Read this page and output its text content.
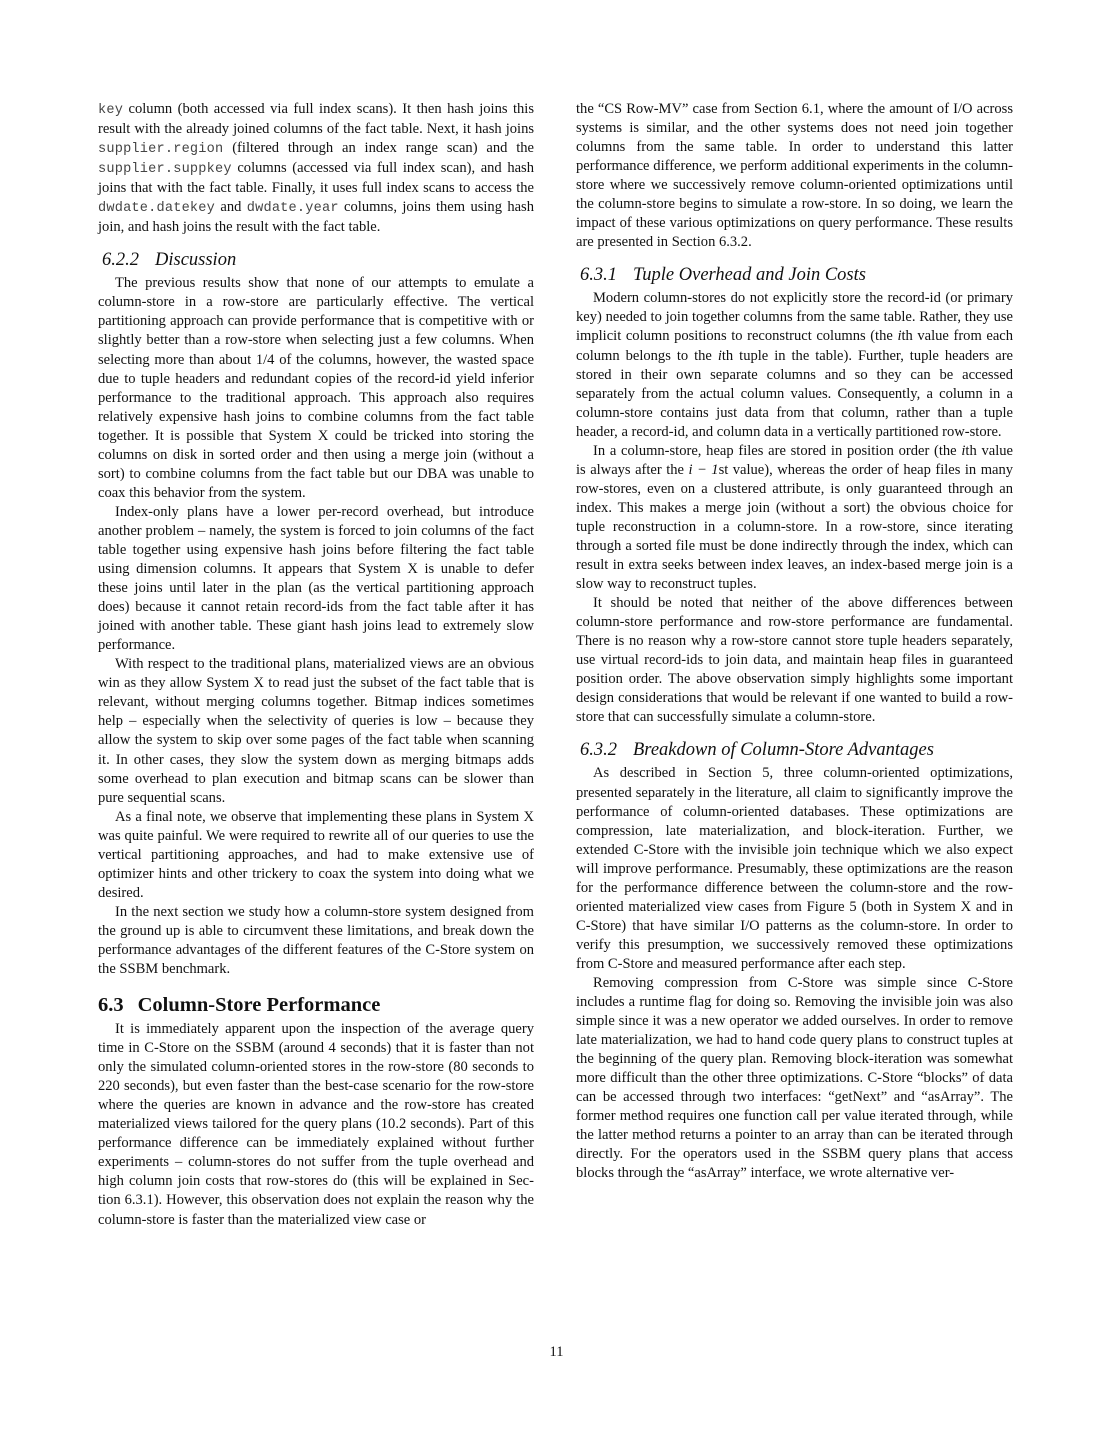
key column (both accessed via full index scans). It then hash joins this result with the already joined columns of the fact table. Next, it hash joins supplier.region (filtered through an index range scan) and the supplier.suppkey columns (accessed via full index scan), and hash joins that with the fact table. Finally, it uses full index scans to access the dwdate.datekey and dwdate.year columns, joins them using hash join, and hash joins the result with the fact table.

6.2.2 Discussion

The previous results show that none of our attempts to emulate a column-store in a row-store are particularly effective. The vertical partitioning approach can provide performance that is competitive with or slightly better than a row-store when selecting just a few columns. When selecting more than about 1/4 of the columns, however, the wasted space due to tuple headers and redundant copies of the record-id yield inferior performance to the traditional approach. This approach also requires relatively expensive hash joins to combine columns from the fact table together. It is possible that System X could be tricked into storing the columns on disk in sorted order and then using a merge join (without a sort) to combine columns from the fact table but our DBA was unable to coax this behavior from the system.

Index-only plans have a lower per-record overhead, but introduce another problem – namely, the system is forced to join columns of the fact table together using expensive hash joins before filtering the fact table using dimension columns. It appears that System X is unable to defer these joins until later in the plan (as the vertical partitioning approach does) because it cannot retain record-ids from the fact table after it has joined with another table. These giant hash joins lead to extremely slow performance.

With respect to the traditional plans, materialized views are an obvious win as they allow System X to read just the subset of the fact table that is relevant, without merging columns together. Bitmap indices sometimes help – especially when the selectivity of queries is low – because they allow the system to skip over some pages of the fact table when scanning it. In other cases, they slow the system down as merging bitmaps adds some overhead to plan execution and bitmap scans can be slower than pure sequential scans.

As a final note, we observe that implementing these plans in System X was quite painful. We were required to rewrite all of our queries to use the vertical partitioning approaches, and had to make extensive use of optimizer hints and other trickery to coax the system into doing what we desired.

In the next section we study how a column-store system designed from the ground up is able to circumvent these limitations, and break down the performance advantages of the different features of the C-Store system on the SSBM benchmark.

6.3 Column-Store Performance

It is immediately apparent upon the inspection of the average query time in C-Store on the SSBM (around 4 seconds) that it is faster than not only the simulated column-oriented stores in the row-store (80 seconds to 220 seconds), but even faster than the best-case scenario for the row-store where the queries are known in advance and the row-store has created materialized views tailored for the query plans (10.2 seconds). Part of this performance difference can be immediately explained without further experiments – column-stores do not suffer from the tuple overhead and high column join costs that row-stores do (this will be explained in Section 6.3.1). However, this observation does not explain the reason why the column-store is faster than the materialized view case or

the “CS Row-MV” case from Section 6.1, where the amount of I/O across systems is similar, and the other systems does not need join together columns from the same table. In order to understand this latter performance difference, we perform additional experiments in the column-store where we successively remove column-oriented optimizations until the column-store begins to simulate a row-store. In so doing, we learn the impact of these various optimizations on query performance. These results are presented in Section 6.3.2.

6.3.1 Tuple Overhead and Join Costs

Modern column-stores do not explicitly store the record-id (or primary key) needed to join together columns from the same table. Rather, they use implicit column positions to reconstruct columns (the ith value from each column belongs to the ith tuple in the table). Further, tuple headers are stored in their own separate columns and so they can be accessed separately from the actual column values. Consequently, a column in a column-store contains just data from that column, rather than a tuple header, a record-id, and column data in a vertically partitioned row-store.

In a column-store, heap files are stored in position order (the ith value is always after the i − 1st value), whereas the order of heap files in many row-stores, even on a clustered attribute, is only guaranteed through an index. This makes a merge join (without a sort) the obvious choice for tuple reconstruction in a column-store. In a row-store, since iterating through a sorted file must be done indirectly through the index, which can result in extra seeks between index leaves, an index-based merge join is a slow way to reconstruct tuples.

It should be noted that neither of the above differences between column-store performance and row-store performance are fundamental. There is no reason why a row-store cannot store tuple headers separately, use virtual record-ids to join data, and maintain heap files in guaranteed position order. The above observation simply highlights some important design considerations that would be relevant if one wanted to build a row-store that can successfully simulate a column-store.

6.3.2 Breakdown of Column-Store Advantages

As described in Section 5, three column-oriented optimizations, presented separately in the literature, all claim to significantly improve the performance of column-oriented databases. These optimizations are compression, late materialization, and block-iteration. Further, we extended C-Store with the invisible join technique which we also expect will improve performance. Presumably, these optimizations are the reason for the performance difference between the column-store and the row-oriented materialized view cases from Figure 5 (both in System X and in C-Store) that have similar I/O patterns as the column-store. In order to verify this presumption, we successively removed these optimizations from C-Store and measured performance after each step.

Removing compression from C-Store was simple since C-Store includes a runtime flag for doing so. Removing the invisible join was also simple since it was a new operator we added ourselves. In order to remove late materialization, we had to hand code query plans to construct tuples at the beginning of the query plan. Removing block-iteration was somewhat more difficult than the other three optimizations. C-Store “blocks” of data can be accessed through two interfaces: “getNext” and “asArray”. The former method requires one function call per value iterated through, while the latter method returns a pointer to an array than can be iterated through directly. For the operators used in the SSBM query plans that access blocks through the “asArray” interface, we wrote alternative ver-

11
